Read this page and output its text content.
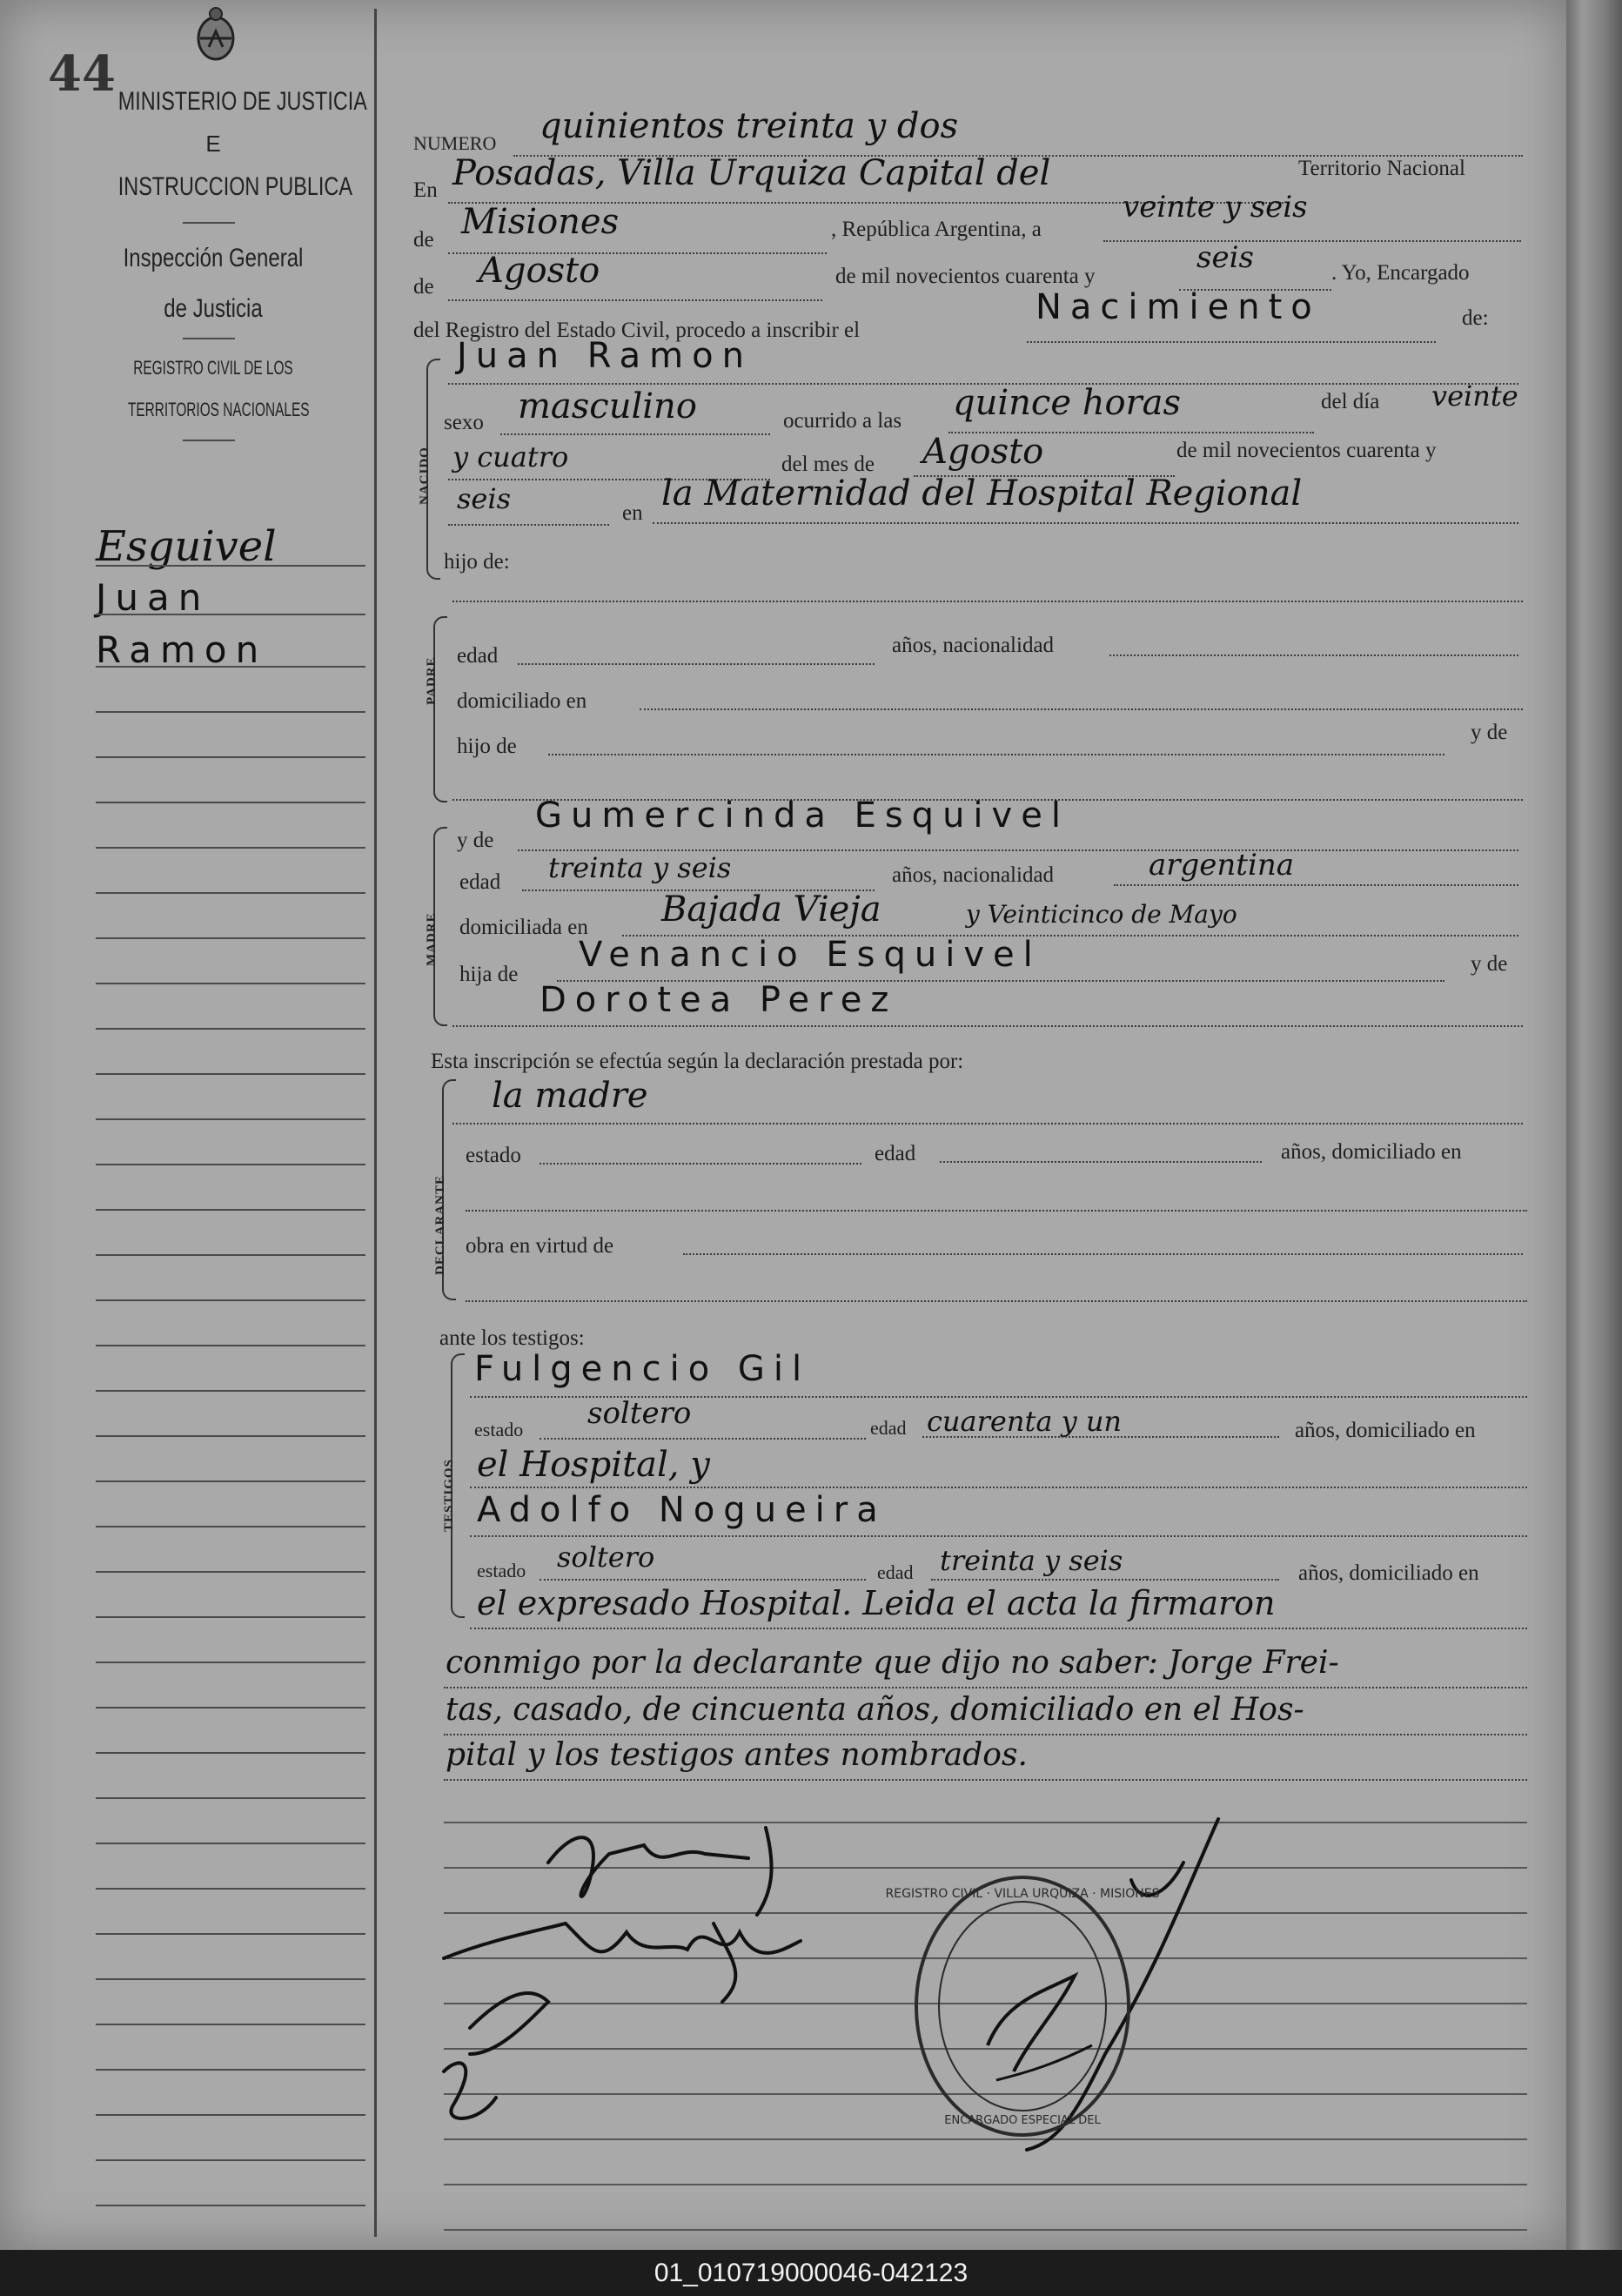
44 MINISTERIO DE JUSTICIA
E
INSTRUCCION PUBLICA
Inspección General
de Justicia
REGISTRO CIVIL DE LOS
TERRITORIOS NACIONALES
Esguivel
Juan
Ramon
NUMERO quinientos treinta y dos
En Posadas, Villa Urquiza Capital del	Territorio Nacional
de Misiones	, República Argentina, a
veinte y seis
de Agosto	de mil novecientos cuarenta y
seis	. Yo, Encargado
del Registro del Estado Civil, procedo a inscribir el
Nacimiento	de:
NACIDO
Juan Ramon
sexo masculino	ocurrido a las quince horas	del día veinte
y cuatro	del mes de Agosto	de mil novecientos cuarenta y
seis	en la Maternidad del Hospital Regional
hijo de:
PADRE
edad	años, nacionalidad
domiciliado en
hijo de
y de
MADRE
y de
Gumercinda Esquivel
edad treinta y seis	años, nacionalidad	argentina
domiciliada en Bajada Vieja	y Veinticinco de Mayo
hija de Venancio Esquivel	y de
Dorotea Perez
Esta inscripción se efectúa según la declaración prestada por:
la madre
DECLARANTE
estado	edad	años, domiciliado en
obra en virtud de
ante los testigos:
TESTIGOS
Fulgencio Gil
estado soltero	edad cuarenta y un	años, domiciliado en
el Hospital, y
Adolfo Nogueira
estado soltero	edad treinta y seis	años, domiciliado en
el expresado Hospital. Leida el acta la firmaron
conmigo por la declarante que dijo no saber: Jorge Frei-
tas, casado, de cincuenta años, domiciliado en el Hos-
pital y los testigos antes nombrados.
REGISTRO CIVIL · VILLA URQUIZA · MISIONES
ENCARGADO ESPECIAL DEL
01_010719000046-042123
